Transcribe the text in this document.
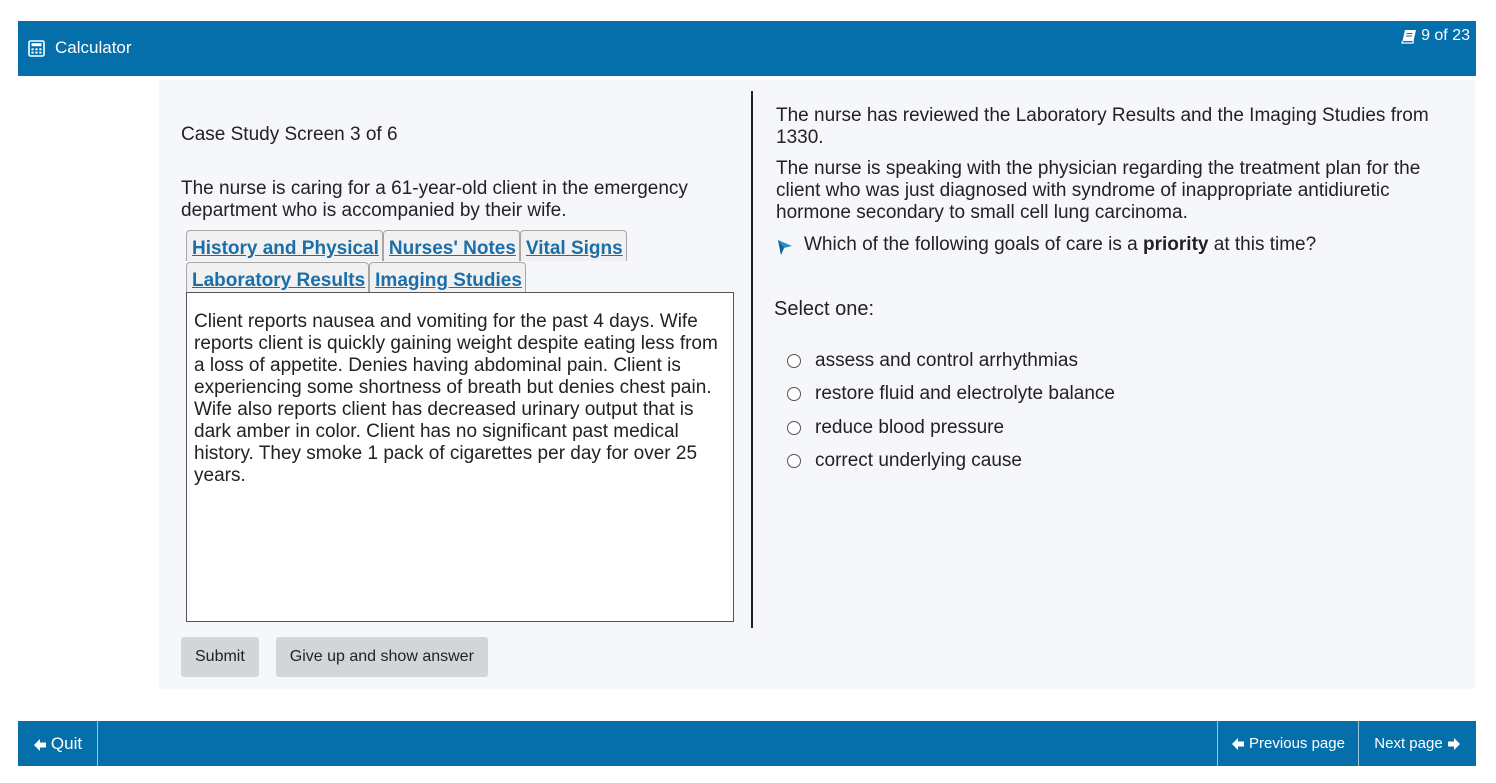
Calculator
9 of 23
Case Study Screen 3 of 6
The nurse is caring for a 61-year-old client in the emergency department who is accompanied by their wife.
History and Physical Nurses' Notes Vital Signs
Laboratory Results Imaging Studies
Client reports nausea and vomiting for the past 4 days. Wife reports client is quickly gaining weight despite eating less from a loss of appetite. Denies having abdominal pain. Client is experiencing some shortness of breath but denies chest pain. Wife also reports client has decreased urinary output that is dark amber in color. Client has no significant past medical history. They smoke 1 pack of cigarettes per day for over 25 years.
Submit	Give up and show answer
The nurse has reviewed the Laboratory Results and the Imaging Studies from 1330.
The nurse is speaking with the physician regarding the treatment plan for the client who was just diagnosed with syndrome of inappropriate antidiuretic hormone secondary to small cell lung carcinoma.
Which of the following goals of care is a priority at this time?
Select one:
assess and control arrhythmias
restore fluid and electrolyte balance
reduce blood pressure
correct underlying cause
Quit	Previous page Next page
